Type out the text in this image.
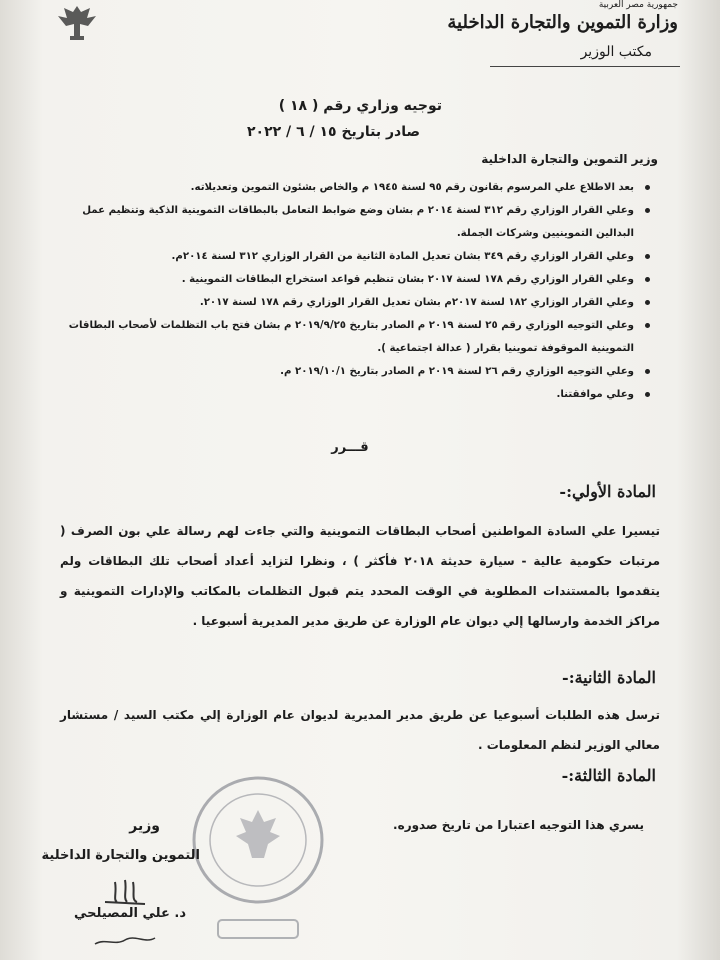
جمهورية مصر العربية
وزارة التموين والتجارة الداخلية
مكتب الوزير
توجيه وزاري رقم ( ١٨ )
صادر بتاريخ ١٥ / ٦ / ٢٠٢٢
وزير التموين والتجارة الداخلية
بعد الاطلاع علي المرسوم بقانون رقم ٩٥ لسنة ١٩٤٥ م والخاص بشئون التموين وتعديلاته.
وعلي القرار الوزاري رقم ٣١٢ لسنة ٢٠١٤ م بشان وضع ضوابط التعامل بالبطاقات التموينية الذكية وتنظيم عمل البدالين التموينيين وشركات الجملة.
وعلي القرار الوزاري رقم ٣٤٩ بشان تعديل المادة الثانية من القرار الوزاري ٣١٢ لسنة ٢٠١٤م.
وعلي القرار الوزاري رقم ١٧٨ لسنة ٢٠١٧ بشان تنظيم قواعد استخراج البطاقات التموينية .
وعلي القرار الوزاري ١٨٢ لسنة ٢٠١٧م بشان تعديل القرار الوزاري رقم ١٧٨ لسنة ٢٠١٧.
وعلي التوجيه الوزاري رقم ٢٥ لسنة ٢٠١٩ م الصادر بتاريخ ٢٠١٩/٩/٢٥ م بشان فتح باب التظلمات لأصحاب البطاقات التموينية الموقوفة تموينيا بقرار ( عدالة اجتماعية ).
وعلي التوجيه الوزاري رقم ٢٦ لسنة ٢٠١٩ م الصادر بتاريخ ٢٠١٩/١٠/١ م.
وعلي موافقتنا.
قـــرر
المادة الأولي:-
تيسيرا علي السادة المواطنين أصحاب البطاقات التموينية والتي جاءت لهم رسالة علي بون الصرف ( مرتبات حكومية عالية - سيارة حديثة ٢٠١٨ فأكثر ) ، ونظرا لتزايد أعداد أصحاب تلك البطاقات ولم يتقدموا بالمستندات المطلوبة في الوقت المحدد يتم قبول التظلمات بالمكاتب والإدارات التموينية و مراكز الخدمة وارسالها إلي ديوان عام الوزارة عن طريق مدير المديرية أسبوعيا .
المادة الثانية:-
ترسل هذه الطلبات أسبوعيا عن طريق مدير المديرية لديوان عام الوزارة إلي مكتب السيد / مستشار معالي الوزير لنظم المعلومات .
المادة الثالثة:-
يسري هذا التوجيه اعتبارا من تاريخ صدوره.
وزير
التموين والتجارة الداخلية
د. علي المصيلحي
